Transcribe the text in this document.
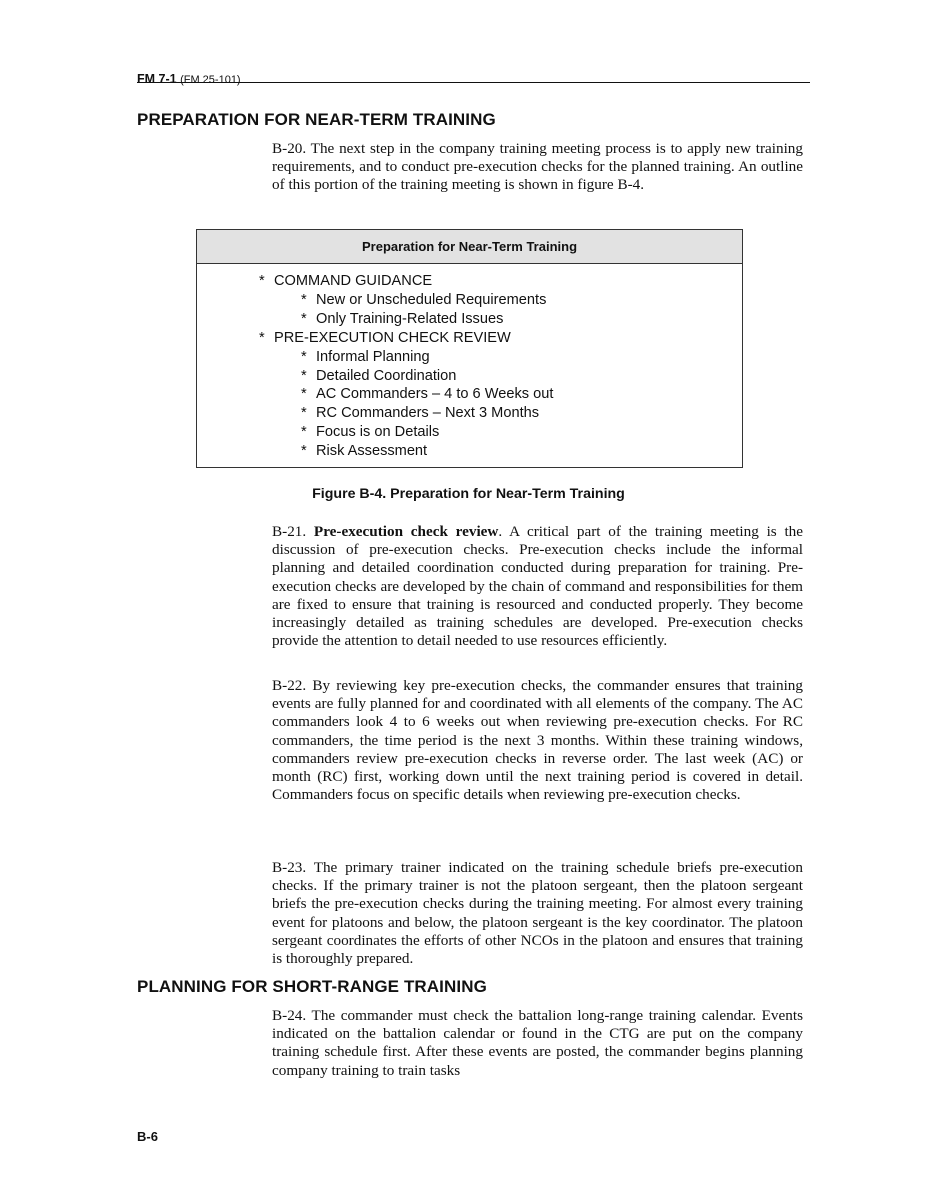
FM 7-1 (FM 25-101)
PREPARATION FOR NEAR-TERM TRAINING

B-20. The next step in the company training meeting process is to apply new training requirements, and to conduct pre-execution checks for the planned training. An outline of this portion of the training meeting is shown in figure B-4.

Preparation for Near-Term Training
* COMMAND GUIDANCE
* New or Unscheduled Requirements
* Only Training-Related Issues
* PRE-EXECUTION CHECK REVIEW
* Informal Planning
* Detailed Coordination
* AC Commanders – 4 to 6 Weeks out
* RC Commanders – Next 3 Months
* Focus is on Details
* Risk Assessment
Figure B-4. Preparation for Near-Term Training

B-21. Pre-execution check review. A critical part of the training meeting is the discussion of pre-execution checks. Pre-execution checks include the informal planning and detailed coordination conducted during preparation for training. Pre-execution checks are developed by the chain of command and responsibilities for them are fixed to ensure that training is resourced and conducted properly. They become increasingly detailed as training schedules are developed. Pre-execution checks provide the attention to detail needed to use resources efficiently.

B-22. By reviewing key pre-execution checks, the commander ensures that training events are fully planned for and coordinated with all elements of the company. The AC commanders look 4 to 6 weeks out when reviewing pre-execution checks. For RC commanders, the time period is the next 3 months. Within these training windows, commanders review pre-execution checks in reverse order. The last week (AC) or month (RC) first, working down until the next training period is covered in detail. Commanders focus on specific details when reviewing pre-execution checks.

B-23. The primary trainer indicated on the training schedule briefs pre-execution checks. If the primary trainer is not the platoon sergeant, then the platoon sergeant briefs the pre-execution checks during the training meeting. For almost every training event for platoons and below, the platoon sergeant is the key coordinator. The platoon sergeant coordinates the efforts of other NCOs in the platoon and ensures that training is thoroughly prepared.

PLANNING FOR SHORT-RANGE TRAINING

B-24. The commander must check the battalion long-range training calendar. Events indicated on the battalion calendar or found in the CTG are put on the company training schedule first. After these events are posted, the commander begins planning company training to train tasks

B-6
